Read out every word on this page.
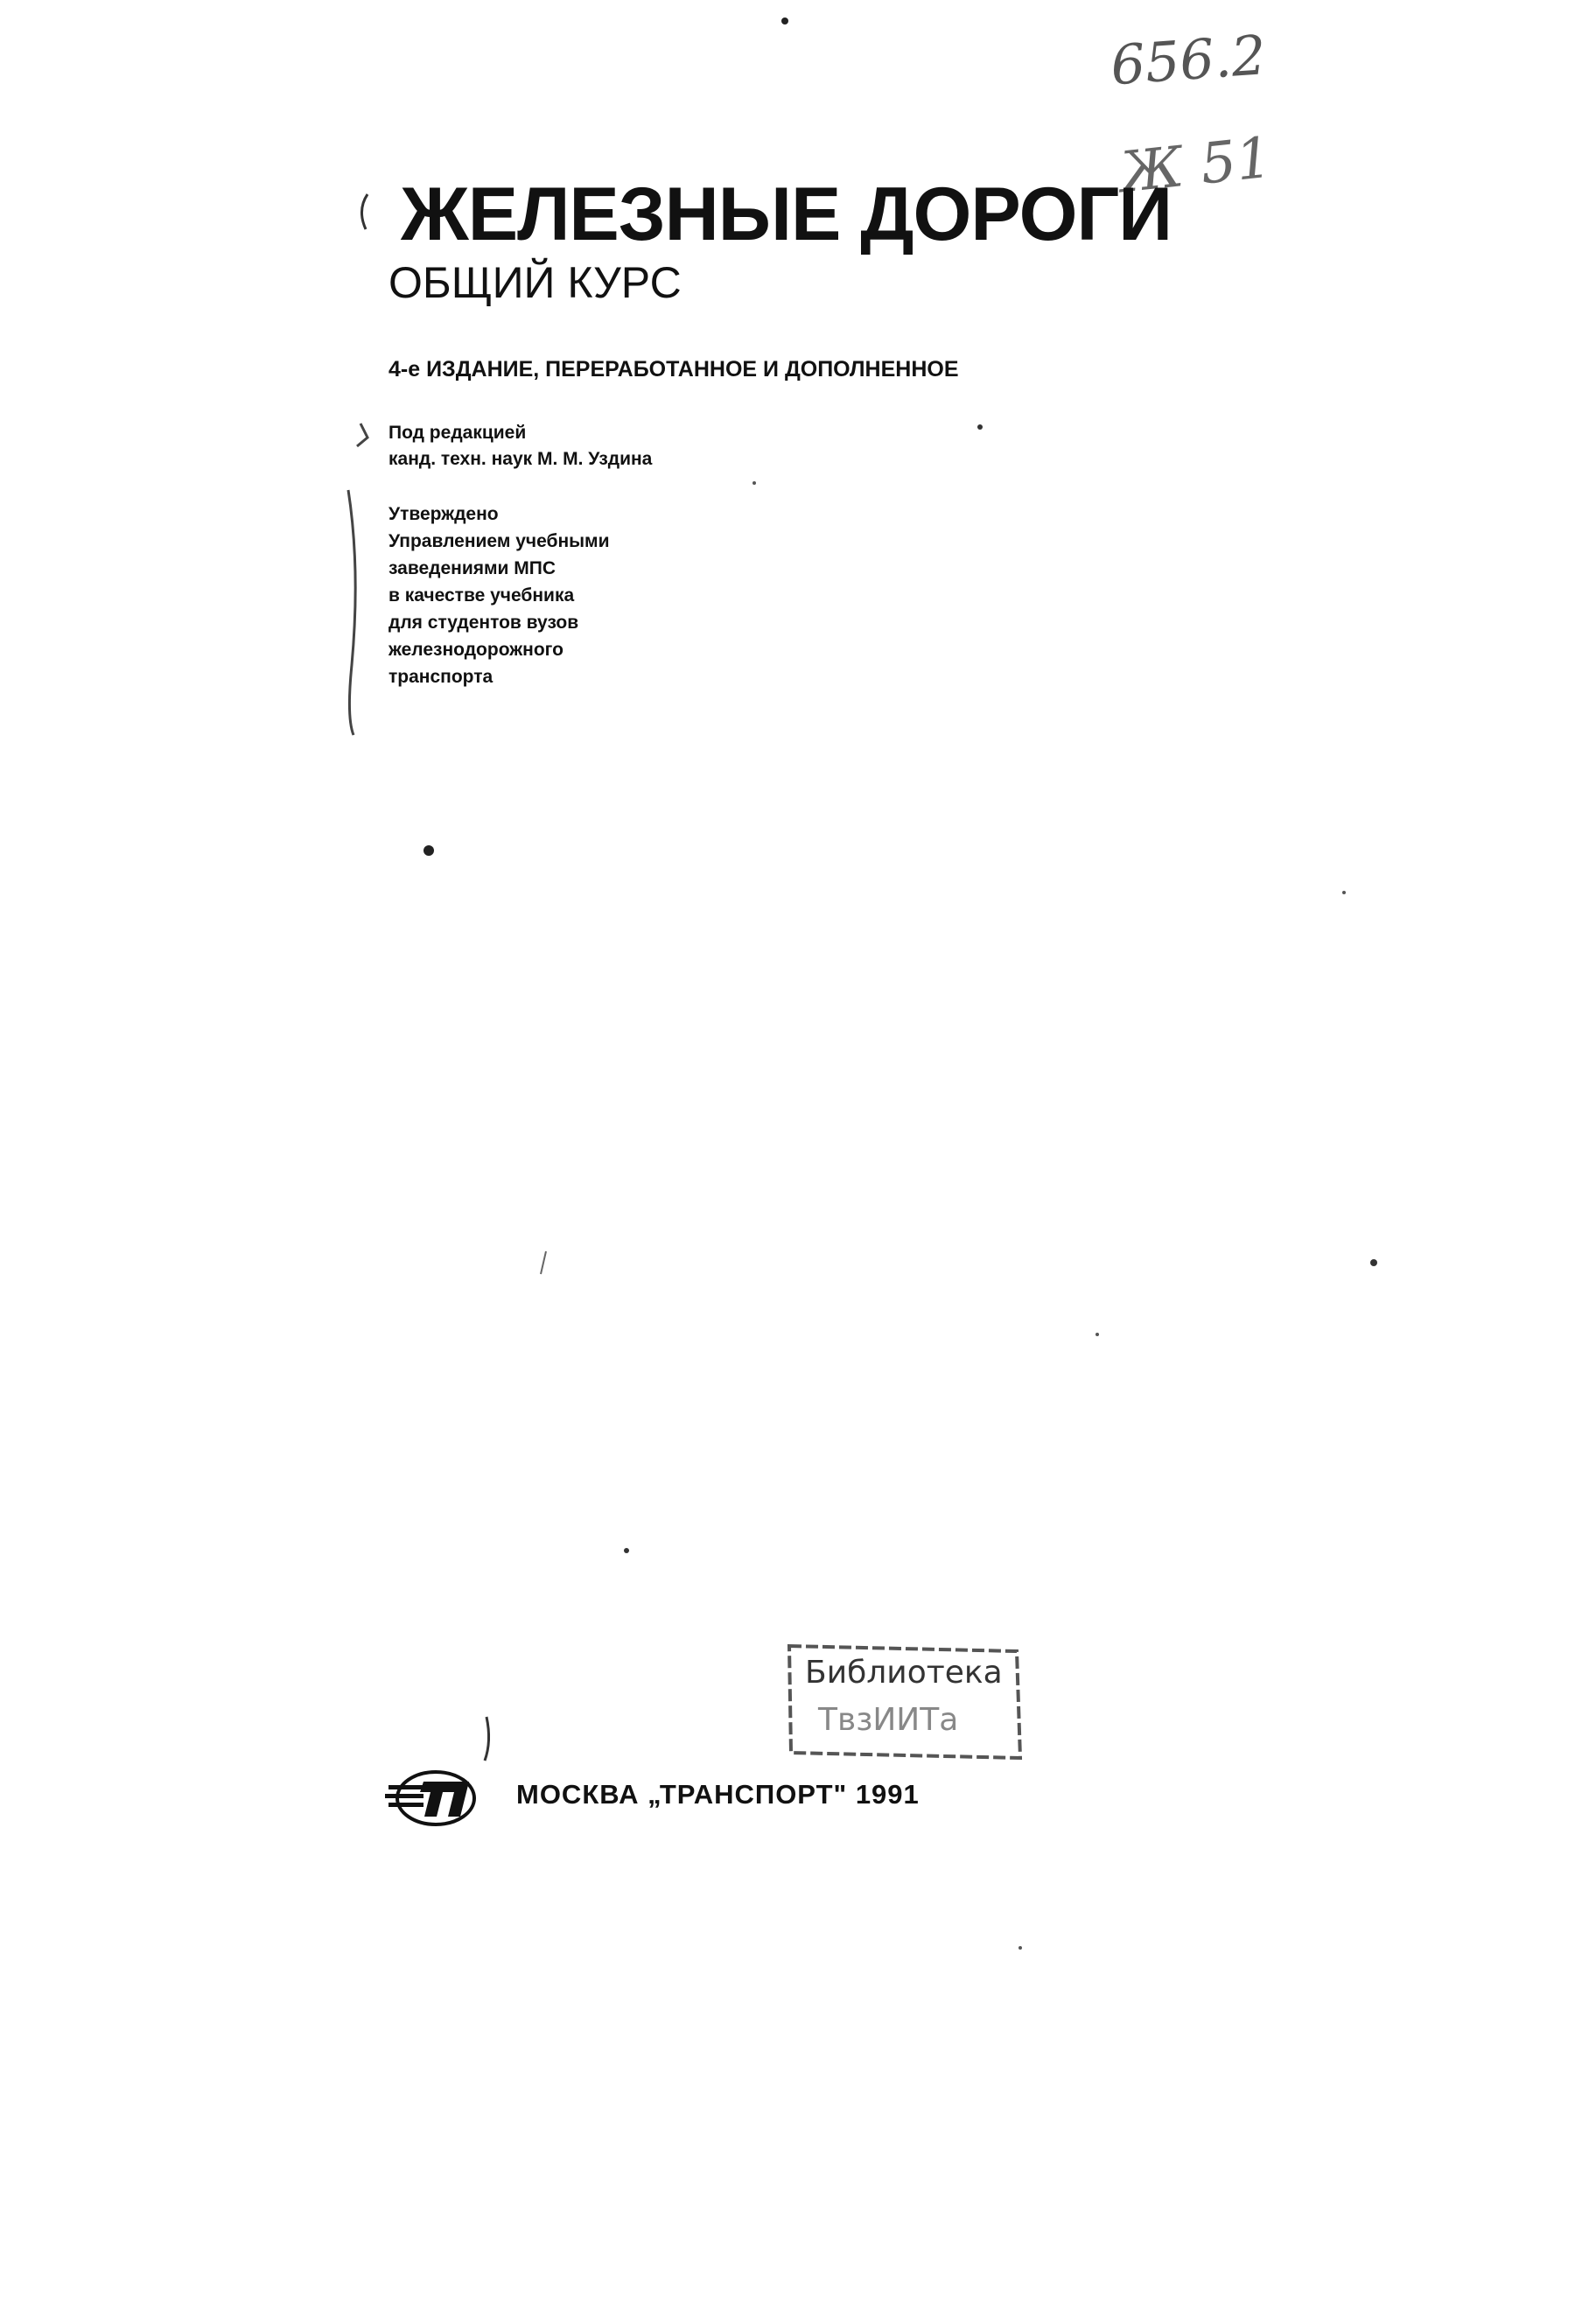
656.2
Ж 51
ЖЕЛЕЗНЫЕ ДОРОГИ
ОБЩИЙ КУРС
4-е ИЗДАНИЕ, ПЕРЕРАБОТАННОЕ И ДОПОЛНЕННОЕ
Под редакцией
канд. техн. наук М. М. Уздина
Утверждено
Управлением учебными
заведениями МПС
в качестве учебника
для студентов вузов
железнодорожного
транспорта
Библиотека
ТвзИИТа
МОСКВА „ТРАНСПОРТ" 1991
